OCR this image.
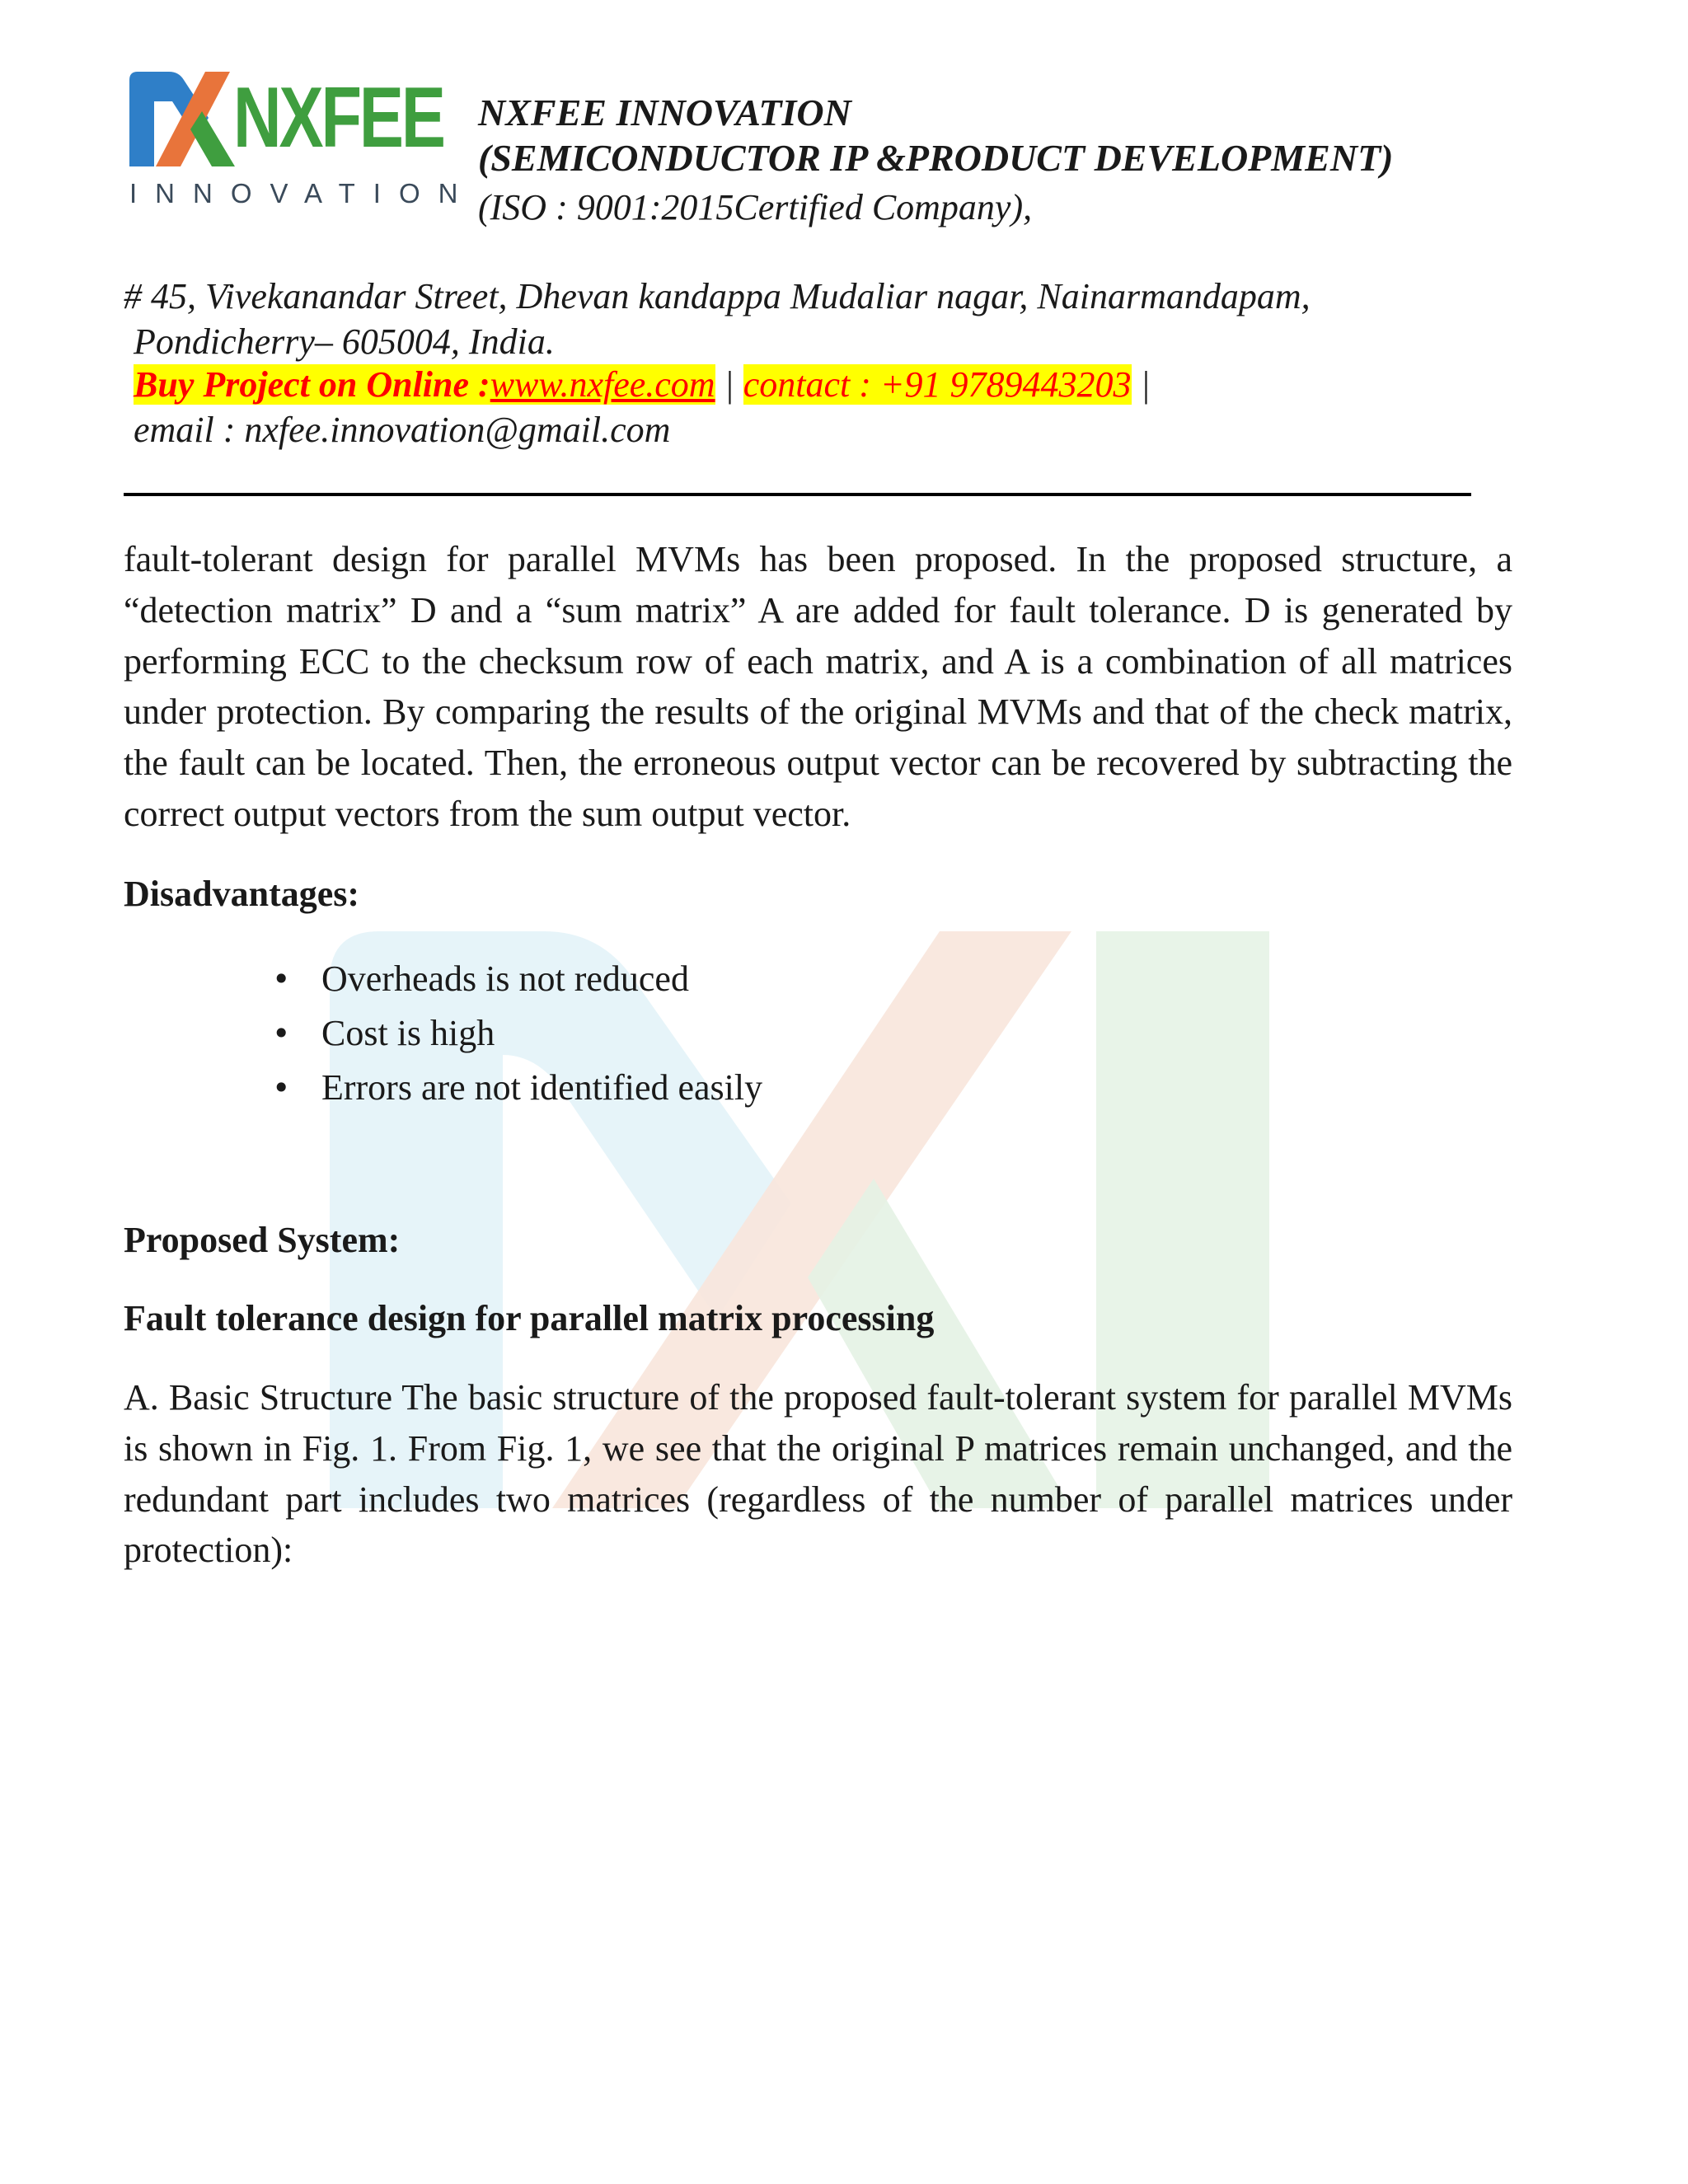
NXFEE
INNOVATION
NXFEE INNOVATION
(SEMICONDUCTOR IP &PRODUCT DEVELOPMENT)
(ISO : 9001:2015Certified Company),
# 45, Vivekanandar Street, Dhevan kandappa Mudaliar nagar, Nainarmandapam,
Pondicherry– 605004, India.
Buy Project on Online :www.nxfee.com | contact : +91 9789443203 |
email : nxfee.innovation@gmail.com

fault-tolerant design for parallel MVMs has been proposed. In the proposed structure, a “detection matrix” D and a “sum matrix” A are added for fault tolerance. D is generated by performing ECC to the checksum row of each matrix, and A is a combination of all matrices under protection. By comparing the results of the original MVMs and that of the check matrix, the fault can be located. Then, the erroneous output vector can be recovered by subtracting the correct output vectors from the sum output vector.

Disadvantages:
• Overheads is not reduced
• Cost is high
• Errors are not identified easily
Proposed System:
Fault tolerance design for parallel matrix processing

A. Basic Structure The basic structure of the proposed fault-tolerant system for parallel MVMs is shown in Fig. 1. From Fig. 1, we see that the original P matrices remain unchanged, and the redundant part includes two matrices (regardless of the number of parallel matrices under protection):
